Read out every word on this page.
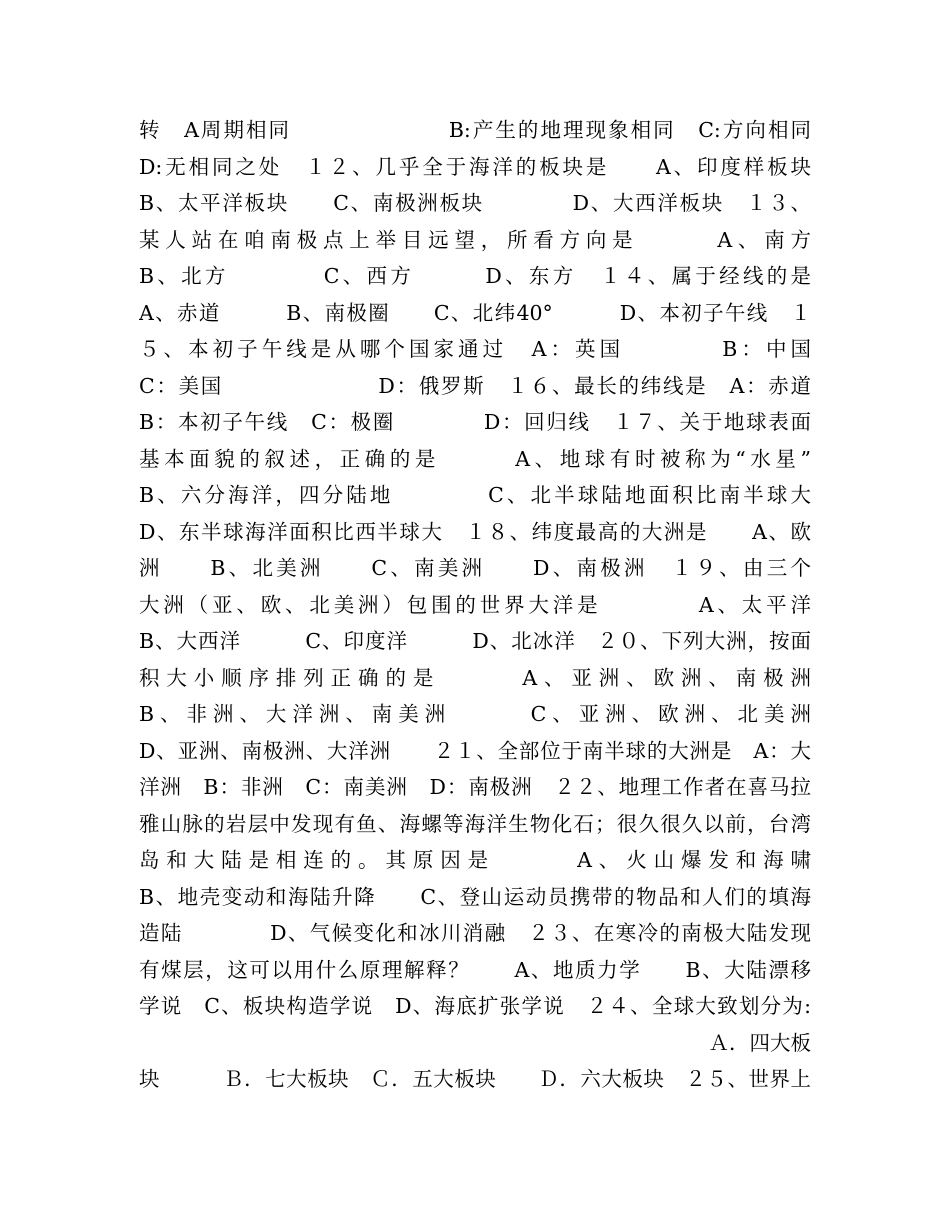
转　A周期相同　　　　　　　B:产生的地理现象相同　C:方向相同
D:无相同之处　１２、几乎全于海洋的板块是　　A、印度样板块
B、太平洋板块　　C、南极洲板块　　　　D、大西洋板块　１３、
某人站在咱南极点上举目远望，所看方向是　　　A、南方
B、北方　　　　C、西方　　　D、东方　１４、属于经线的是
A、赤道　　　B、南极圈　　C、北纬40°　　　D、本初子午线　１
５、本初子午线是从哪个国家通过　A：英国　　　　B：中国
C：美国　　　　　　　D：俄罗斯　１６、最长的纬线是　A：赤道
B：本初子午线　C：极圈　　　　D：回归线　１７、关于地球表面
基本面貌的叙述，正确的是　　　A、地球有时被称为“水星”
B、六分海洋，四分陆地　　　　C、北半球陆地面积比南半球大
D、东半球海洋面积比西半球大　１８、纬度最高的大洲是　　A、欧
洲　　B、北美洲　　C、南美洲　　D、南极洲　１９、由三个
大洲（亚、欧、北美洲）包围的世界大洋是　　　　A、太平洋
B、大西洋　　　C、印度洋　　　D、北冰洋　２０、下列大洲，按面
积大小顺序排列正确的是　　　A、亚洲、欧洲、南极洲
B、非洲、大洋洲、南美洲　　　C、亚洲、欧洲、北美洲
D、亚洲、南极洲、大洋洲　　２１、全部位于南半球的大洲是　A：大
洋洲　B：非洲　C：南美洲　D：南极洲　２２、地理工作者在喜马拉
雅山脉的岩层中发现有鱼、海螺等海洋生物化石；很久很久以前，台湾
岛和大陆是相连的。其原因是　　　A、火山爆发和海啸
B、地壳变动和海陆升降　　C、登山运动员携带的物品和人们的填海
造陆　　　　D、气候变化和冰川消融　２３、在寒冷的南极大陆发现
有煤层，这可以用什么原理解释？　　A、地质力学　　B、大陆漂移
学说　C、板块构造学说　D、海底扩张学说　２４、全球大致划分为:
Ａ．四大板
块　　　Ｂ．七大板块　Ｃ．五大板块　　Ｄ．六大板块　２５、世界上
